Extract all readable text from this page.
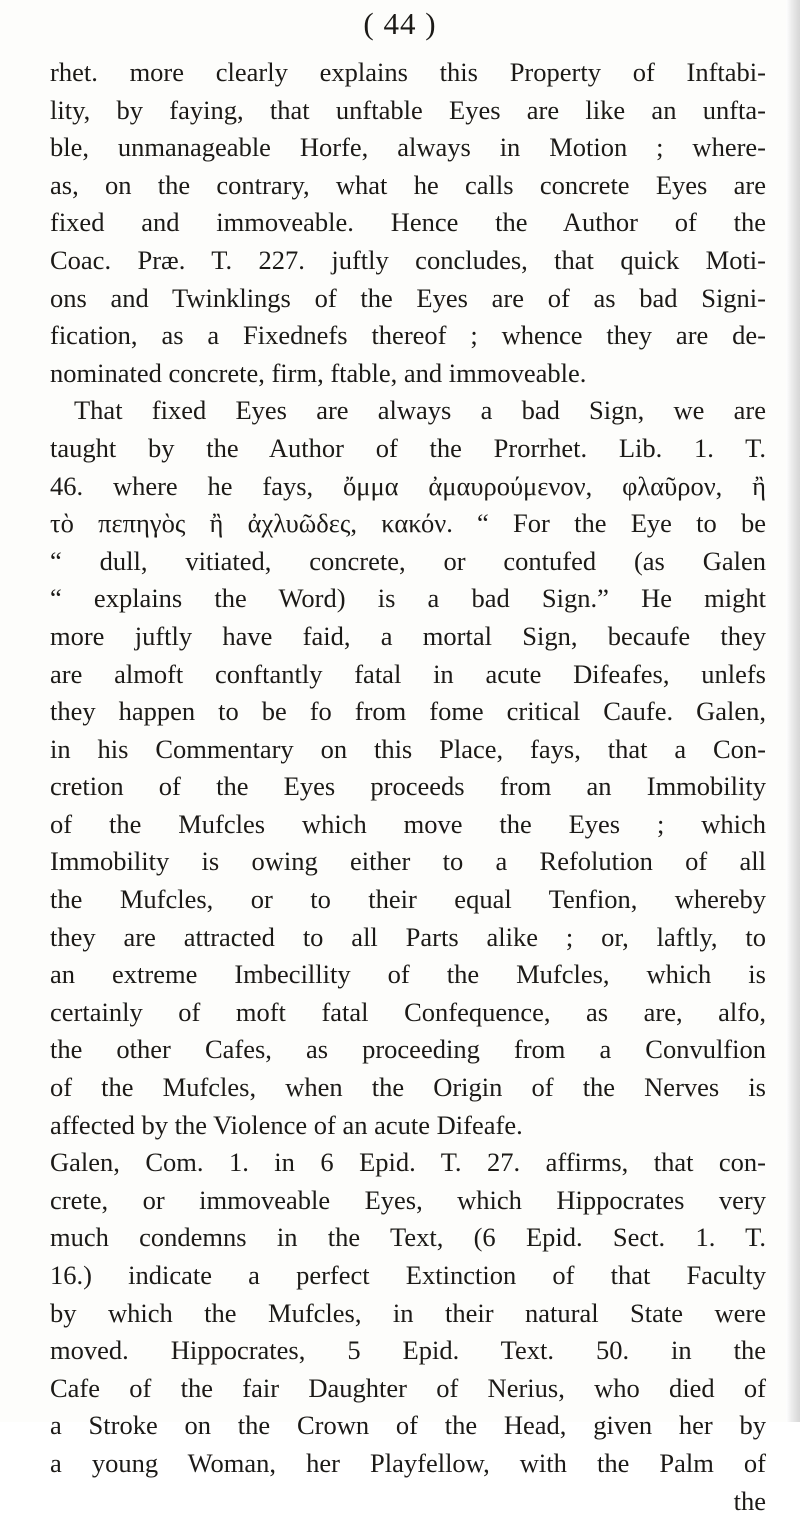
( 44 )
rhet. more clearly explains this Property of Inftabi-
lity, by faying, that unftable Eyes are like an unfta-
ble, unmanageable Horfe, always in Motion ; where-
as, on the contrary, what he calls concrete Eyes are
fixed and immoveable. Hence the Author of the
Coac. Præ. T. 227. juftly concludes, that quick Moti-
ons and Twinklings of the Eyes are of as bad Signi-
fication, as a Fixednefs thereof ; whence they are de-
nominated concrete, firm, ftable, and immoveable.
That fixed Eyes are always a bad Sign, we are
taught by the Author of the Prorrhet. Lib. 1. T.
46. where he fays, ὄμμα ἀμαυρούμενον, φλαῦρον, ἢ
τὸ πεπηγὸς ἢ ἀχλυῶδες, κακόν. “ For the Eye to be
“ dull, vitiated, concrete, or contufed (as Galen
“ explains the Word) is a bad Sign.” He might
more juftly have faid, a mortal Sign, becaufe they
are almoft conftantly fatal in acute Difeafes, unlefs
they happen to be fo from fome critical Caufe. Galen,
in his Commentary on this Place, fays, that a Con-
cretion of the Eyes proceeds from an Immobility
of the Mufcles which move the Eyes ; which
Immobility is owing either to a Refolution of all
the Mufcles, or to their equal Tenfion, whereby
they are attracted to all Parts alike ; or, laftly, to
an extreme Imbecillity of the Mufcles, which is
certainly of moft fatal Confequence, as are, alfo,
the other Cafes, as proceeding from a Convulfion
of the Mufcles, when the Origin of the Nerves is
affected by the Violence of an acute Difeafe.
Galen, Com. 1. in 6 Epid. T. 27. affirms, that con-
crete, or immoveable Eyes, which Hippocrates very
much condemns in the Text, (6 Epid. Sect. 1. T.
16.) indicate a perfect Extinction of that Faculty
by which the Mufcles, in their natural State were
moved. Hippocrates, 5 Epid. Text. 50. in the
Cafe of the fair Daughter of Nerius, who died of
a Stroke on the Crown of the Head, given her by
a young Woman, her Playfellow, with the Palm of
the
